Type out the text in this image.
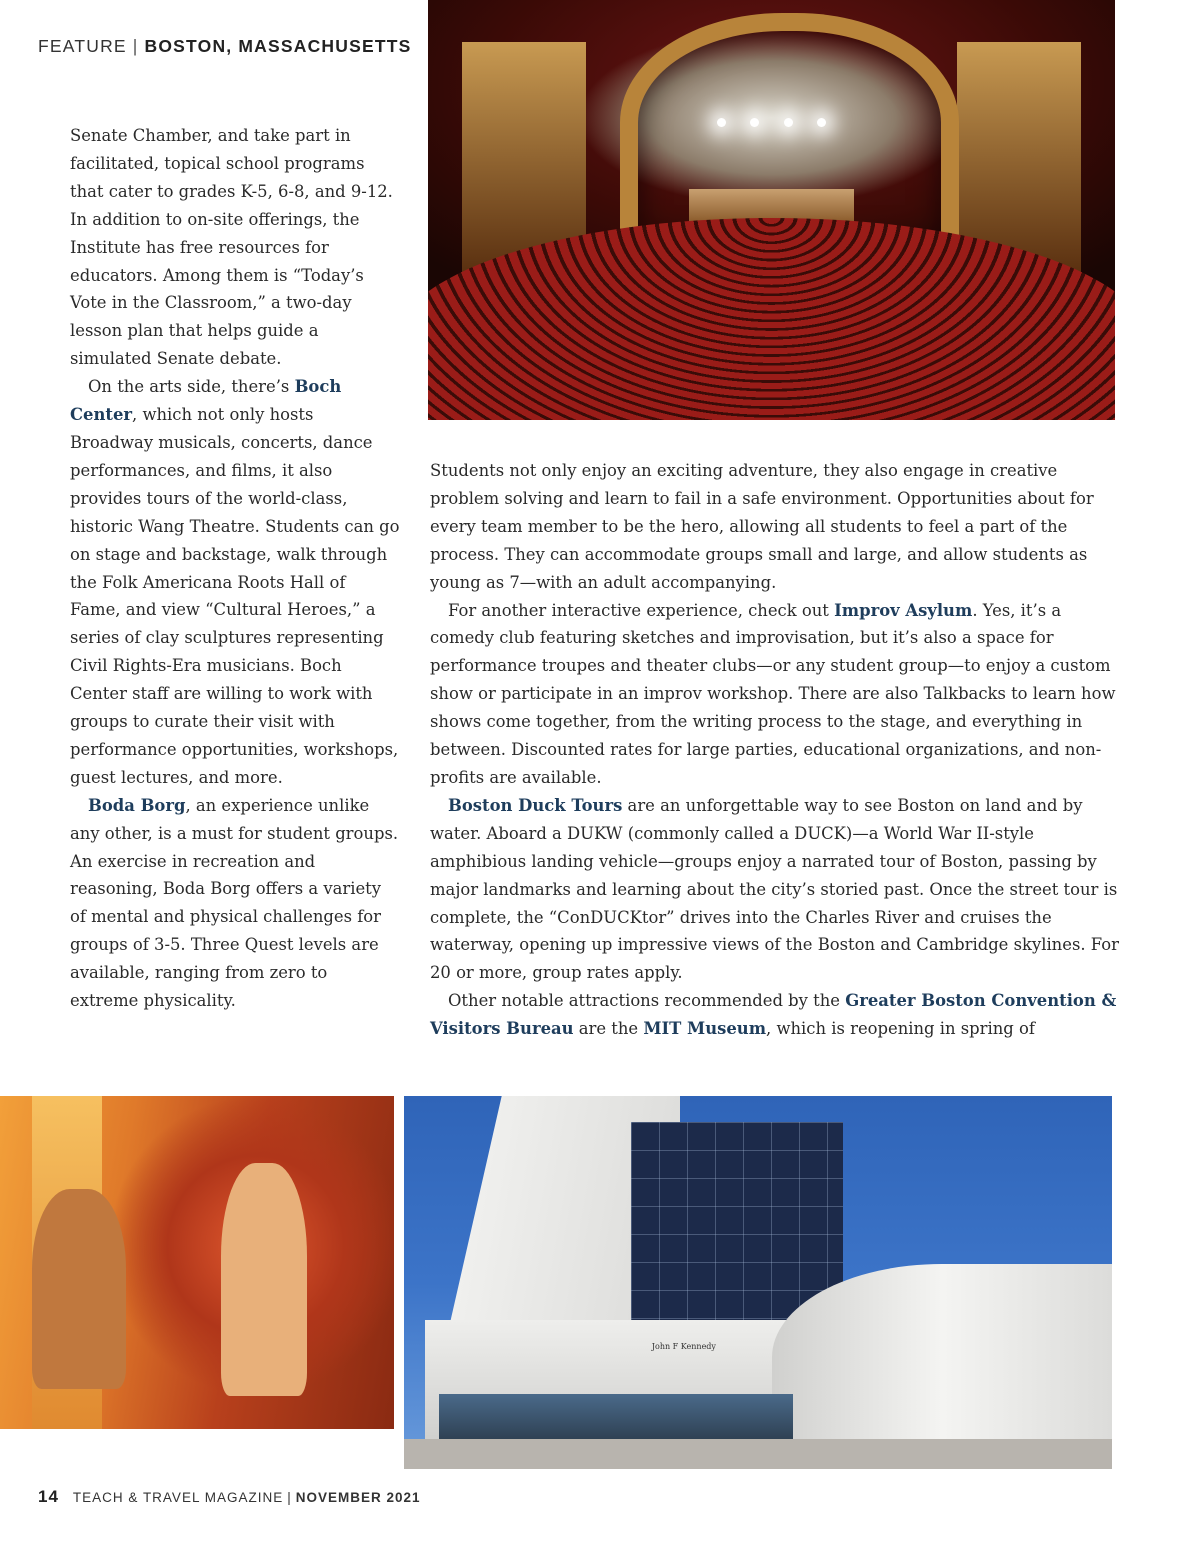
FEATURE | BOSTON, MASSACHUSETTS

Senate Chamber, and take part in facilitated, topical school programs that cater to grades K-5, 6-8, and 9-12. In addition to on-site offerings, the Institute has free resources for educators. Among them is “Today’s Vote in the Classroom,” a two-day lesson plan that helps guide a simulated Senate debate.

On the arts side, there’s Boch Center, which not only hosts Broadway musicals, concerts, dance performances, and films, it also provides tours of the world-class, historic Wang Theatre. Students can go on stage and backstage, walk through the Folk Americana Roots Hall of Fame, and view “Cultural Heroes,” a series of clay sculptures representing Civil Rights-Era musicians. Boch Center staff are willing to work with groups to curate their visit with performance opportunities, workshops, guest lectures, and more.

Boda Borg, an experience unlike any other, is a must for student groups. An exercise in recreation and reasoning, Boda Borg offers a variety of mental and physical challenges for groups of 3-5. Three Quest levels are available, ranging from zero to extreme physicality.

Students not only enjoy an exciting adventure, they also engage in creative problem solving and learn to fail in a safe environment. Opportunities about for every team member to be the hero, allowing all students to feel a part of the process. They can accommodate groups small and large, and allow students as young as 7—with an adult accompanying.

For another interactive experience, check out Improv Asylum. Yes, it’s a comedy club featuring sketches and improvisation, but it’s also a space for performance troupes and theater clubs—or any student group—to enjoy a custom show or participate in an improv workshop. There are also Talkbacks to learn how shows come together, from the writing process to the stage, and everything in between. Discounted rates for large parties, educational organizations, and non-profits are available.

Boston Duck Tours are an unforgettable way to see Boston on land and by water. Aboard a DUKW (commonly called a DUCK)—a World War II-style amphibious landing vehicle—groups enjoy a narrated tour of Boston, passing by major landmarks and learning about the city’s storied past. Once the street tour is complete, the “ConDUCKtor” drives into the Charles River and cruises the waterway, opening up impressive views of the Boston and Cambridge skylines. For 20 or more, group rates apply.

Other notable attractions recommended by the Greater Boston Convention & Visitors Bureau are the MIT Museum, which is reopening in spring of

John F Kennedy
14 TEACH & TRAVEL MAGAZINE | NOVEMBER 2021
